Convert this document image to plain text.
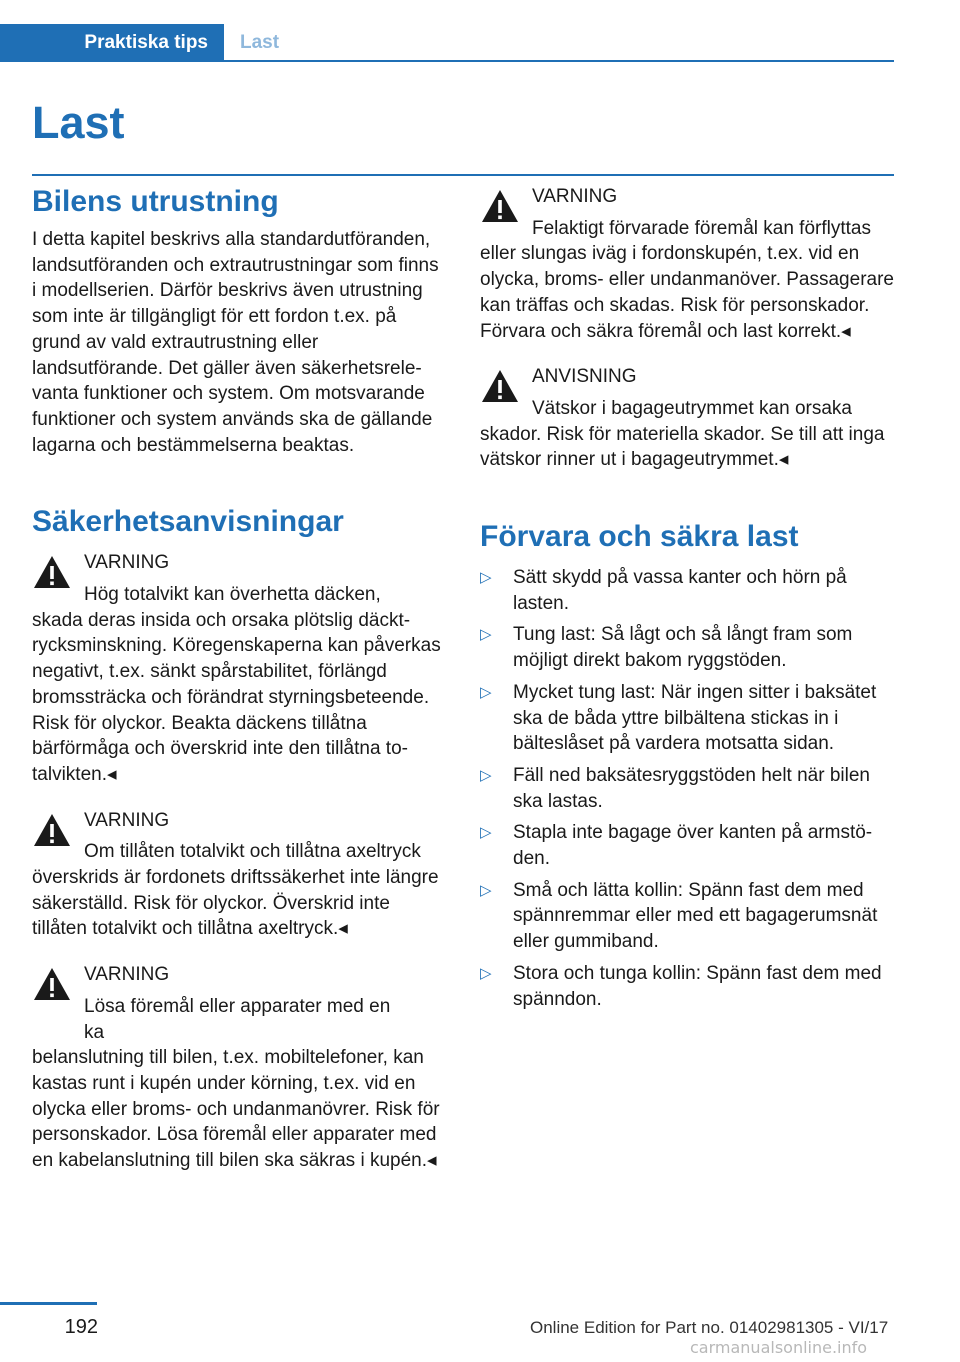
Praktiska tips Last
Last
Bilens utrustning

I detta kapitel beskrivs alla standardutföranden, landsutföranden och extrautrustningar som finns i modellserien. Därför beskrivs även utrustning som inte är tillgängligt för ett fordon t.ex. på grund av vald extrautrustning eller landsutförande. Det gäller även säkerhetsrelevanta funktioner och system. Om motsvarande funktioner och system används ska de gällande lagarna och bestämmelserna beaktas.

Säkerhetsanvisningar
VARNING
Hög totalvikt kan överhetta däcken,
skada deras insida och orsaka plötslig däcktrycksminskning. Köregenskaperna kan påverkas negativt, t.ex. sänkt spårstabilitet, förlängd bromssträcka och förändrat styrningsbeteende. Risk för olyckor. Beakta däckens tillåtna bärförmåga och överskrid inte den tillåtna totalvikten.◂
VARNING
Om tillåten totalvikt och tillåtna axeltryck
överskrids är fordonets driftssäkerhet inte längre säkerställd. Risk för olyckor. Överskrid inte tillåten totalvikt och tillåtna axeltryck.◂
VARNING
Lösa föremål eller apparater med en ka
belanslutning till bilen, t.ex. mobiltelefoner, kan kastas runt i kupén under körning, t.ex. vid en olycka eller broms- och undanmanövrer. Risk för personskador. Lösa föremål eller apparater med en kabelanslutning till bilen ska säkras i kupén.◂
VARNING
Felaktigt förvarade föremål kan förflyttas
eller slungas iväg i fordonskupén, t.ex. vid en olycka, broms- eller undanmanöver. Passagerare kan träffas och skadas. Risk för personskador. Förvara och säkra föremål och last korrekt.◂
ANVISNING
Vätskor i bagageutrymmet kan orsaka
skador. Risk för materiella skador. Se till att inga vätskor rinner ut i bagageutrymmet.◂
Förvara och säkra last
▷ Sätt skydd på vassa kanter och hörn på lasten.
▷ Tung last: Så lågt och så långt fram som möjligt direkt bakom ryggstöden.
▷ Mycket tung last: När ingen sitter i baksätet ska de båda yttre bilbältena stickas in i bälteslåset på vardera motsatta sidan.
▷ Fäll ned baksätesryggstöden helt när bilen ska lastas.
▷ Stapla inte bagage över kanten på armstöden.
▷ Små och lätta kollin: Spänn fast dem med spännremmar eller med ett bagagerumsnät eller gummiband.
▷ Stora och tunga kollin: Spänn fast dem med spänndon.
192	Online Edition for Part no. 01402981305 - VI/17
carmanualsonline.info
